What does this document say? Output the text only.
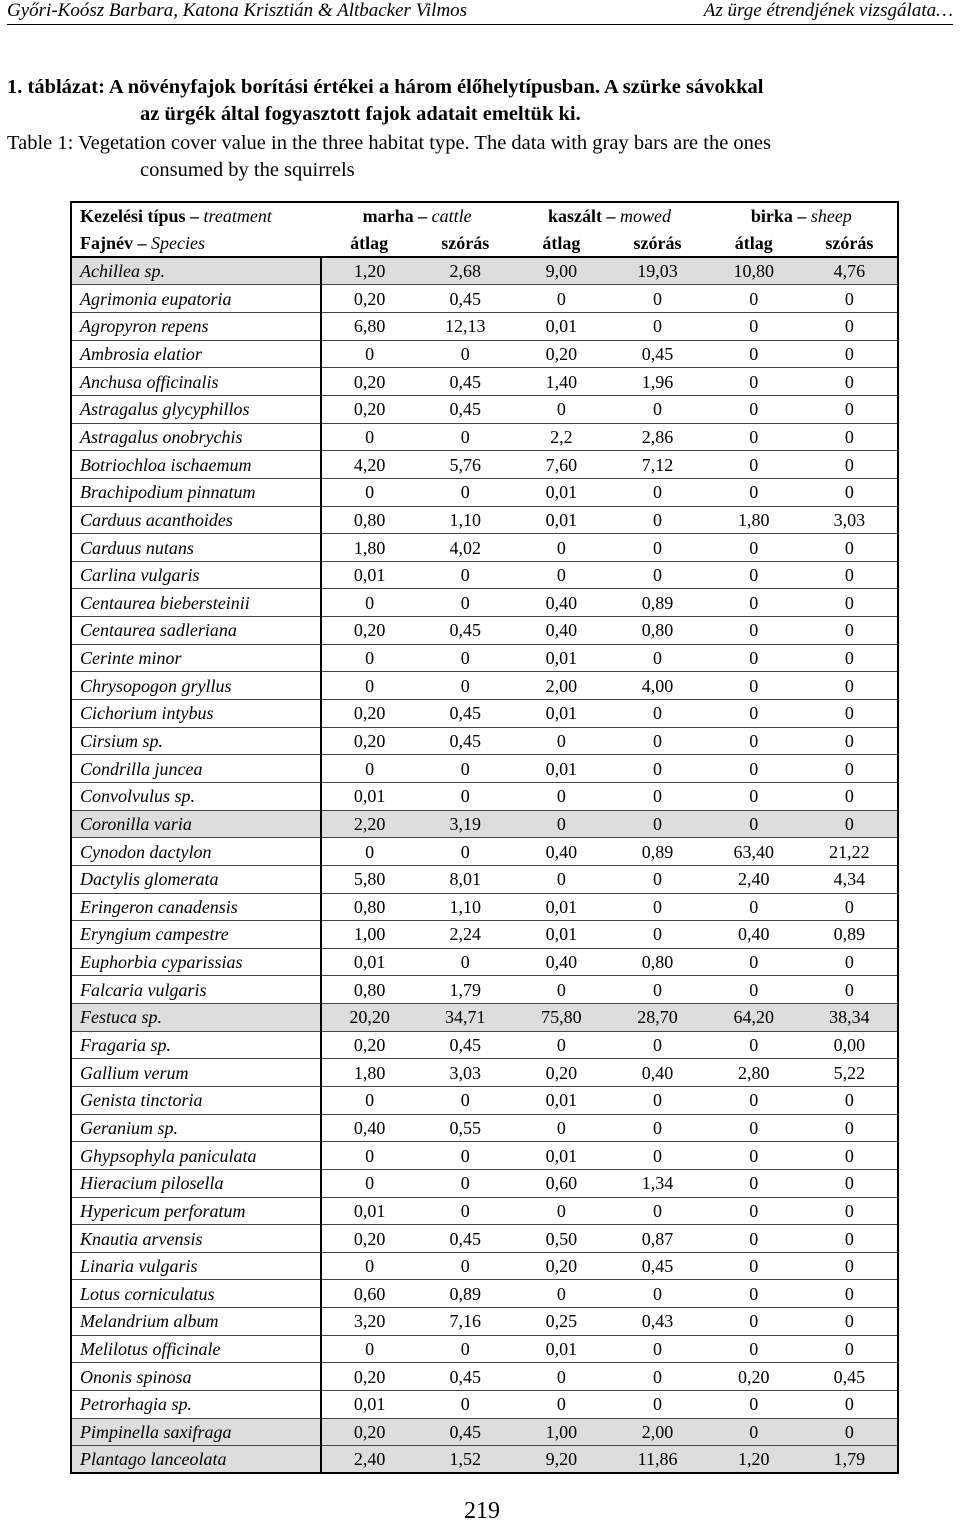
Győri-Koósz Barbara, Katona Krisztián & Altbacker Vilmos	Az ürge étrendjének vizsgálata…

1. táblázat: A növényfajok borítási értékei a három élőhelytípusban. A szürke sávokkal

az ürgék által fogyasztott fajok adatait emeltük ki.

Table 1: Vegetation cover value in the three habitat type. The data with gray bars are the ones

consumed by the squirrels

Kezelési típus – treatment	marha – cattle		kaszált – mowed		birka – sheep	
Fajnév – Species	átlag	szórás	átlag	szórás	átlag	szórás
Achillea sp.	1,20	2,68	9,00	19,03	10,80	4,76
Agrimonia eupatoria	0,20	0,45	0	0	0	0
Agropyron repens	6,80	12,13	0,01	0	0	0
Ambrosia elatior	0	0	0,20	0,45	0	0
Anchusa officinalis	0,20	0,45	1,40	1,96	0	0
Astragalus glycyphillos	0,20	0,45	0	0	0	0
Astragalus onobrychis	0	0	2,2	2,86	0	0
Botriochloa ischaemum	4,20	5,76	7,60	7,12	0	0
Brachipodium pinnatum	0	0	0,01	0	0	0
Carduus acanthoides	0,80	1,10	0,01	0	1,80	3,03
Carduus nutans	1,80	4,02	0	0	0	0
Carlina vulgaris	0,01	0	0	0	0	0
Centaurea biebersteinii	0	0	0,40	0,89	0	0
Centaurea sadleriana	0,20	0,45	0,40	0,80	0	0
Cerinte minor	0	0	0,01	0	0	0
Chrysopogon gryllus	0	0	2,00	4,00	0	0
Cichorium intybus	0,20	0,45	0,01	0	0	0
Cirsium sp.	0,20	0,45	0	0	0	0
Condrilla juncea	0	0	0,01	0	0	0
Convolvulus sp.	0,01	0	0	0	0	0
Coronilla varia	2,20	3,19	0	0	0	0
Cynodon dactylon	0	0	0,40	0,89	63,40	21,22
Dactylis glomerata	5,80	8,01	0	0	2,40	4,34
Eringeron canadensis	0,80	1,10	0,01	0	0	0
Eryngium campestre	1,00	2,24	0,01	0	0,40	0,89
Euphorbia cyparissias	0,01	0	0,40	0,80	0	0
Falcaria vulgaris	0,80	1,79	0	0	0	0
Festuca sp.	20,20	34,71	75,80	28,70	64,20	38,34
Fragaria sp.	0,20	0,45	0	0	0	0,00
Gallium verum	1,80	3,03	0,20	0,40	2,80	5,22
Genista tinctoria	0	0	0,01	0	0	0
Geranium sp.	0,40	0,55	0	0	0	0
Ghypsophyla paniculata	0	0	0,01	0	0	0
Hieracium pilosella	0	0	0,60	1,34	0	0
Hypericum perforatum	0,01	0	0	0	0	0
Knautia arvensis	0,20	0,45	0,50	0,87	0	0
Linaria vulgaris	0	0	0,20	0,45	0	0
Lotus corniculatus	0,60	0,89	0	0	0	0
Melandrium album	3,20	7,16	0,25	0,43	0	0
Melilotus officinale	0	0	0,01	0	0	0
Ononis spinosa	0,20	0,45	0	0	0,20	0,45
Petrorhagia sp.	0,01	0	0	0	0	0
Pimpinella saxifraga	0,20	0,45	1,00	2,00	0	0
Plantago lanceolata	2,40	1,52	9,20	11,86	1,20	1,79
219
